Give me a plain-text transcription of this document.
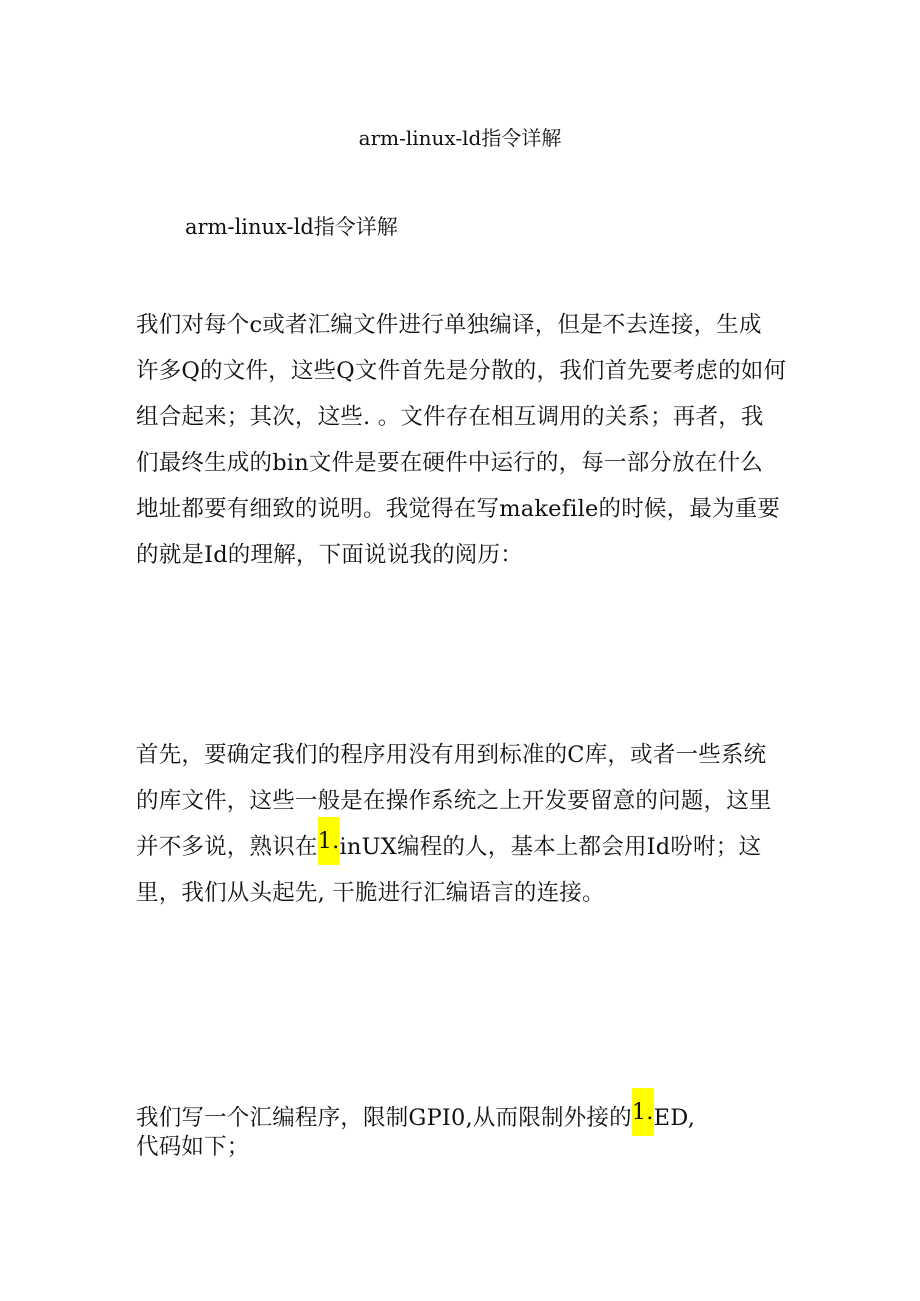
arm-linux-ld指令详解
arm-linux-ld指令详解
我们对每个c或者汇编文件进行单独编译，但是不去连接，生成
许多Q的文件，这些Q文件首先是分散的，我们首先要考虑的如何
组合起来；其次，这些. 。文件存在相互调用的关系；再者，我
们最终生成的bin文件是要在硬件中运行的，每一部分放在什么
地址都要有细致的说明。我觉得在写makefile的时候，最为重要
的就是Id的理解，下面说说我的阅历：
首先，要确定我们的程序用没有用到标准的C库，或者一些系统
的库文件，这些一般是在操作系统之上开发要留意的问题，这里
并不多说，熟识在1.inUX编程的人，基本上都会用Id吩咐；这
里，我们从头起先, 干脆进行汇编语言的连接。
我们写一个汇编程序，限制GPI0,从而限制外接的1.ED,
代码如下；
